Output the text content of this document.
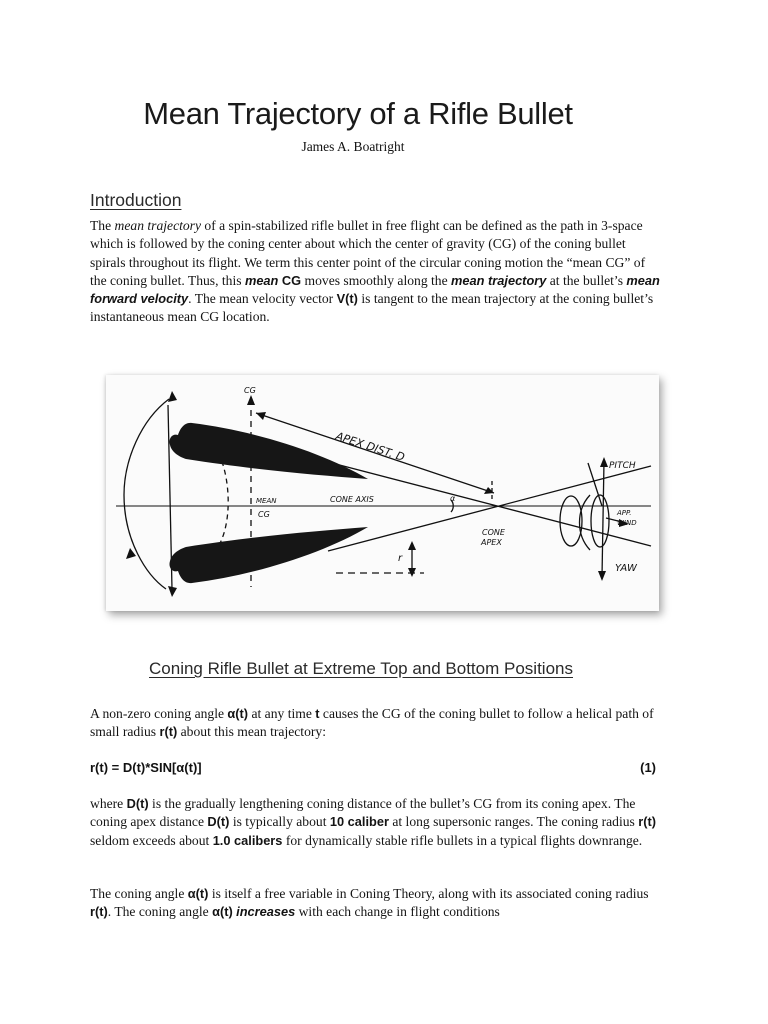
Mean Trajectory of a Rifle Bullet
James A. Boatright
Introduction
The mean trajectory of a spin-stabilized rifle bullet in free flight can be defined as the path in 3-space which is followed by the coning center about which the center of gravity (CG) of the coning bullet spirals throughout its flight. We term this center point of the circular coning motion the “mean CG” of the coning bullet. Thus, this mean CG moves smoothly along the mean trajectory at the bullet’s mean forward velocity. The mean velocity vector V(t) is tangent to the mean trajectory at the coning bullet’s instantaneous mean CG location.
CG
APEX DIST. D
PITCH
MEAN
CG
CONE AXIS	α
APP.
WIND
CONE
APEX
r
YAW
Coning Rifle Bullet at Extreme Top and Bottom Positions
A non-zero coning angle α(t) at any time t causes the CG of the coning bullet to follow a helical path of small radius r(t) about this mean trajectory:
r(t) = D(t)*SIN[α(t)]	(1)
where D(t) is the gradually lengthening coning distance of the bullet’s CG from its coning apex. The coning apex distance D(t) is typically about 10 caliber at long supersonic ranges. The coning radius r(t) seldom exceeds about 1.0 calibers for dynamically stable rifle bullets in a typical flights downrange.
The coning angle α(t) is itself a free variable in Coning Theory, along with its associated coning radius r(t). The coning angle α(t) increases with each change in flight conditions
